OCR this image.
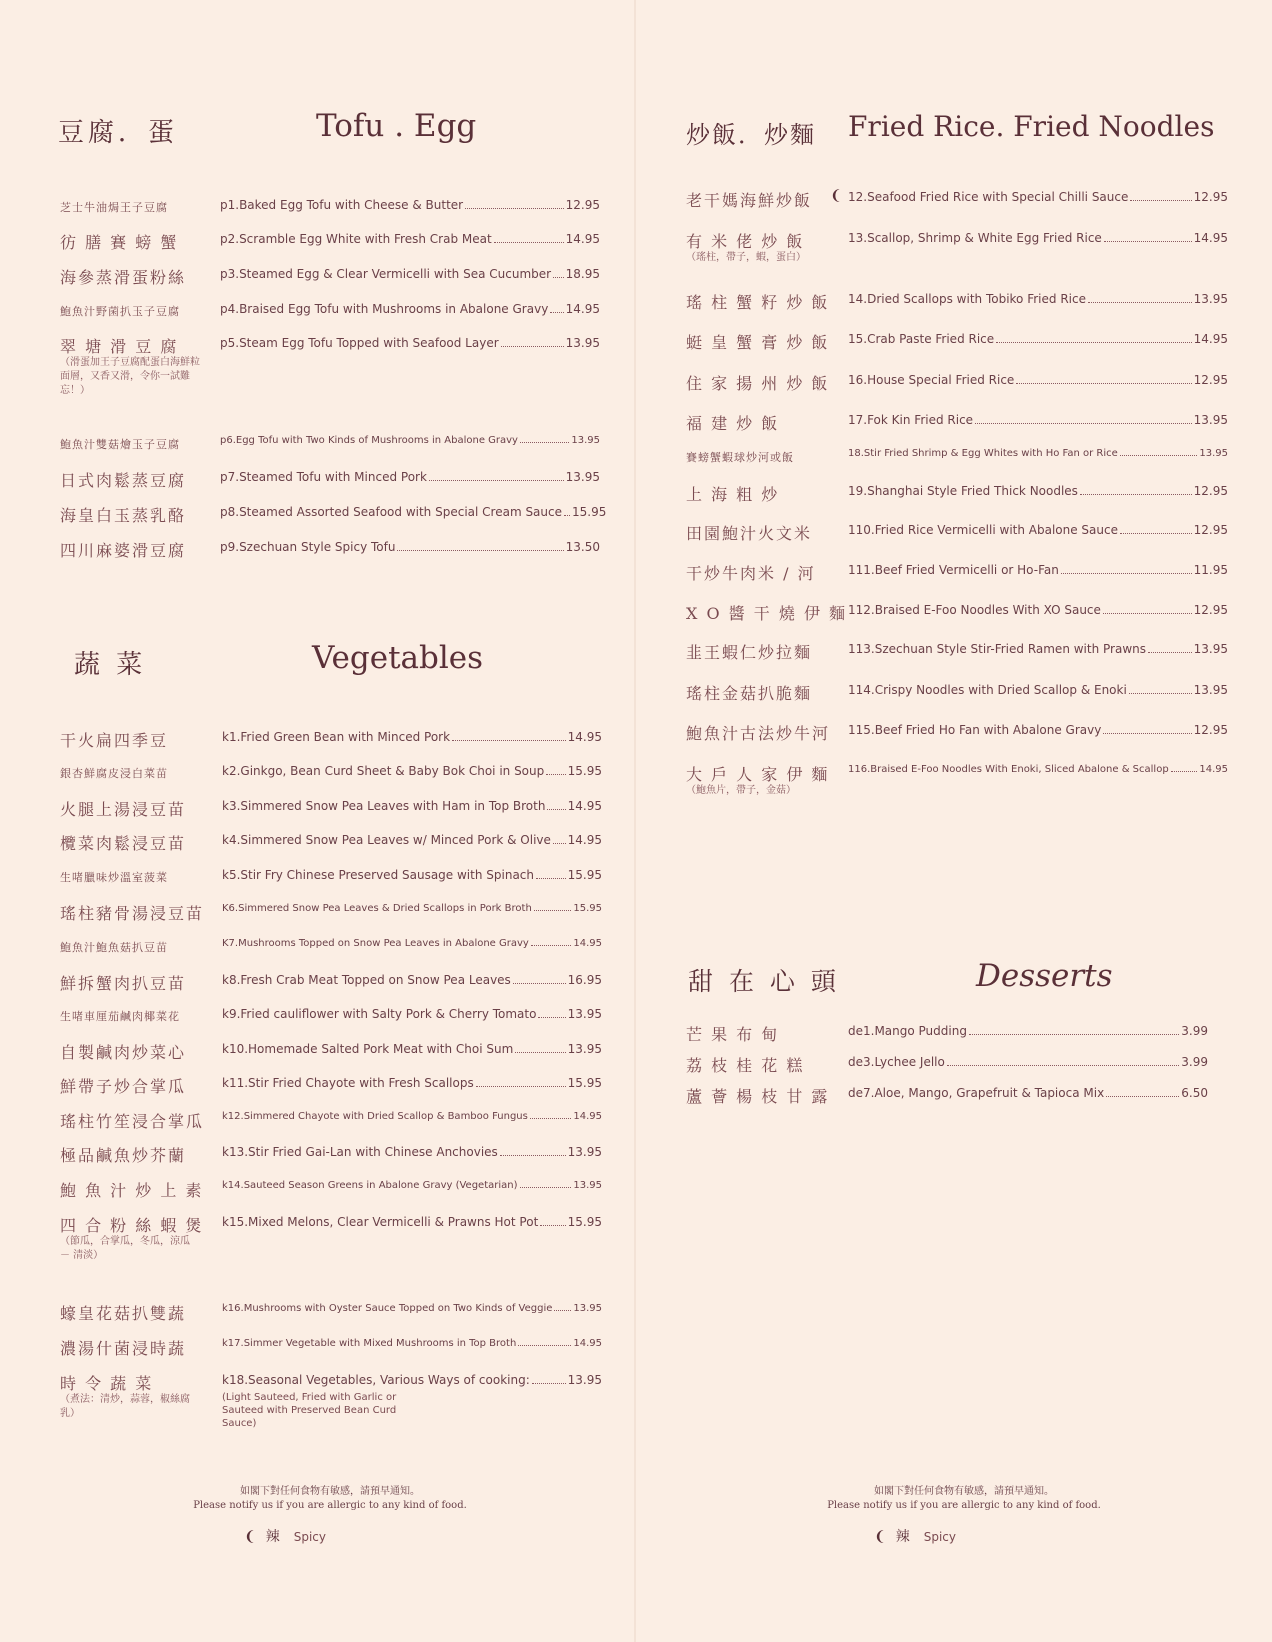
豆腐．蛋	Tofu . Egg
芝士牛油焗王子豆腐	p1.Baked Egg Tofu with Cheese & Butter	12.95
彷 膳 賽 螃 蟹	p2.Scramble Egg White with Fresh Crab Meat	14.95
海參蒸滑蛋粉絲	p3.Steamed Egg & Clear Vermicelli with Sea Cucumber 18.95
鮑魚汁野菌扒玉子豆腐	p4.Braised Egg Tofu with Mushrooms in Abalone Gravy 14.95
翠 塘 滑 豆 腐
（滑蛋加王子豆腐配蛋白海鮮粒面層，又香又滑，令你一試難忘！）
p5.Steam Egg Tofu Topped with Seafood Layer	13.95
鮑魚汁雙菇燴玉子豆腐	p6.Egg Tofu with Two Kinds of Mushrooms in Abalone Gravy	13.95
日式肉鬆蒸豆腐	p7.Steamed Tofu with Minced Pork	13.95
海皇白玉蒸乳酪	p8.Steamed Assorted Seafood with Special Cream Sauce 15.95
四川麻婆滑豆腐	p9.Szechuan Style Spicy Tofu	13.50
蔬 菜	Vegetables
干火扁四季豆	k1.Fried Green Bean with Minced Pork	14.95
銀杏鮮腐皮浸白菜苗	k2.Ginkgo, Bean Curd Sheet & Baby Bok Choi in Soup 15.95
火腿上湯浸豆苗	k3.Simmered Snow Pea Leaves with Ham in Top Broth 14.95
欖菜肉鬆浸豆苗	k4.Simmered Snow Pea Leaves w/ Minced Pork & Olive 14.95
生啫臘味炒溫室菠菜	k5.Stir Fry Chinese Preserved Sausage with Spinach	15.95
瑤柱豬骨湯浸豆苗 K6.Simmered Snow Pea Leaves & Dried Scallops in Pork Broth	15.95
鮑魚汁鮑魚菇扒豆苗	K7.Mushrooms Topped on Snow Pea Leaves in Abalone Gravy	14.95
鮮拆蟹肉扒豆苗	k8.Fresh Crab Meat Topped on Snow Pea Leaves	16.95
生啫車厘茄鹹肉椰菜花	k9.Fried cauliflower with Salty Pork & Cherry Tomato	13.95
自製鹹肉炒菜心	k10.Homemade Salted Pork Meat with Choi Sum	13.95
鮮帶子炒合掌瓜	k11.Stir Fried Chayote with Fresh Scallops	15.95
瑤柱竹笙浸合掌瓜 k12.Simmered Chayote with Dried Scallop & Bamboo Fungus	14.95
極品鹹魚炒芥蘭	k13.Stir Fried Gai-Lan with Chinese Anchovies	13.95
鮑 魚 汁 炒 上 素 k14.Sauteed Season Greens in Abalone Gravy (Vegetarian)	13.95
四 合 粉 絲 蝦 煲
（節瓜，合掌瓜，冬瓜，涼瓜 － 清淡）
k15.Mixed Melons, Clear Vermicelli & Prawns Hot Pot 15.95
蠔皇花菇扒雙蔬	k16.Mushrooms with Oyster Sauce Topped on Two Kinds of Veggie 13.95
濃湯什菌浸時蔬	k17.Simmer Vegetable with Mixed Mushrooms in Top Broth	14.95
時 令 蔬 菜
（煮法：清炒，蒜蓉，椒絲腐乳）
k18.Seasonal Vegetables, Various Ways of cooking:	13.95
(Light Sauteed, Fried with Garlic or Sauteed with Preserved Bean Curd Sauce)
如閣下對任何食物有敏感，請預早通知。
Please notify us if you are allergic to any kind of food.
❨ 辣 Spicy
炒飯．炒麵 Fried Rice. Fried Noodles
老干媽海鮮炒飯	❨ 12.Seafood Fried Rice with Special Chilli Sauce	12.95
有 米 佬 炒 飯
（瑤柱，帶子，蝦，蛋白）
13.Scallop, Shrimp & White Egg Fried Rice	14.95
瑤 柱 蟹 籽 炒 飯 14.Dried Scallops with Tobiko Fried Rice	13.95
蜓 皇 蟹 膏 炒 飯 15.Crab Paste Fried Rice	14.95
住 家 揚 州 炒 飯 16.House Special Fried Rice	12.95
福 建 炒 飯	17.Fok Kin Fried Rice	13.95
賽螃蟹蝦球炒河或飯	18.Stir Fried Shrimp & Egg Whites with Ho Fan or Rice	13.95
上 海 粗 炒	19.Shanghai Style Fried Thick Noodles	12.95
田園鮑汁火文米	110.Fried Rice Vermicelli with Abalone Sauce	12.95
干炒牛肉米 / 河	111.Beef Fried Vermicelli or Ho-Fan	11.95
X O 醬 干 燒 伊 麵 112.Braised E-Foo Noodles With XO Sauce	12.95
韭王蝦仁炒拉麵	113.Szechuan Style Stir-Fried Ramen with Prawns	13.95
瑤柱金菇扒脆麵	114.Crispy Noodles with Dried Scallop & Enoki	13.95
鮑魚汁古法炒牛河 115.Beef Fried Ho Fan with Abalone Gravy	12.95
大 戶 人 家 伊 麵
（鮑魚片，帶子，金菇）
116.Braised E-Foo Noodles With Enoki, Sliced Abalone & Scallop	14.95
甜 在 心 頭	Desserts
芒 果 布 甸	de1.Mango Pudding	3.99
荔 枝 桂 花 糕	de3.Lychee Jello	3.99
蘆 薈 楊 枝 甘 露 de7.Aloe, Mango, Grapefruit & Tapioca Mix	6.50
如閣下對任何食物有敏感，請預早通知。
Please notify us if you are allergic to any kind of food.
❨ 辣 Spicy
